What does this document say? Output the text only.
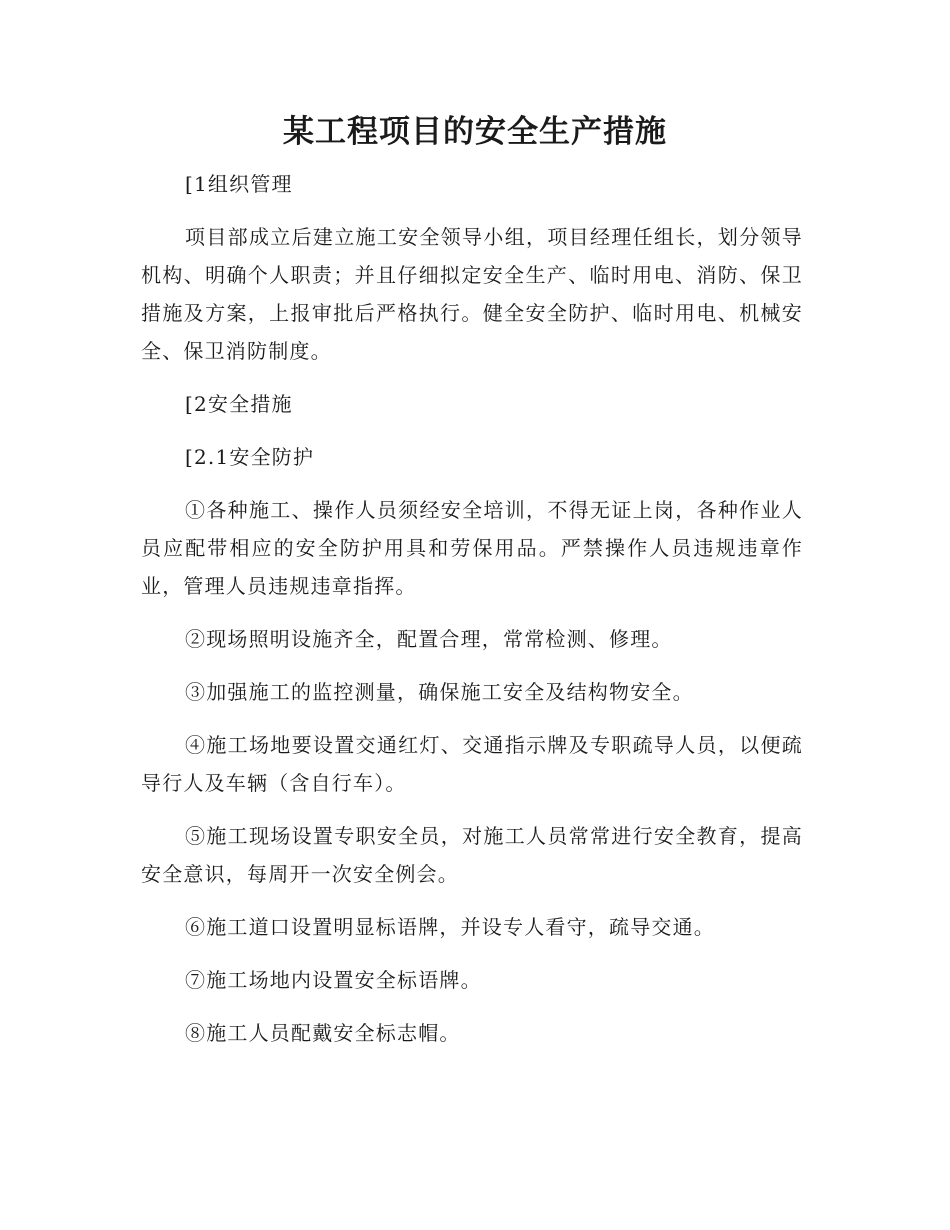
某工程项目的安全生产措施

[1组织管理

项目部成立后建立施工安全领导小组，项目经理任组长，划分领导机构、明确个人职责；并且仔细拟定安全生产、临时用电、消防、保卫措施及方案，上报审批后严格执行。健全安全防护、临时用电、机械安全、保卫消防制度。

[2安全措施

[2.1安全防护

①各种施工、操作人员须经安全培训，不得无证上岗，各种作业人员应配带相应的安全防护用具和劳保用品。严禁操作人员违规违章作业，管理人员违规违章指挥。

②现场照明设施齐全，配置合理，常常检测、修理。

③加强施工的监控测量，确保施工安全及结构物安全。

④施工场地要设置交通红灯、交通指示牌及专职疏导人员，以便疏导行人及车辆（含自行车）。

⑤施工现场设置专职安全员，对施工人员常常进行安全教育，提高安全意识，每周开一次安全例会。

⑥施工道口设置明显标语牌，并设专人看守，疏导交通。

⑦施工场地内设置安全标语牌。

⑧施工人员配戴安全标志帽。
